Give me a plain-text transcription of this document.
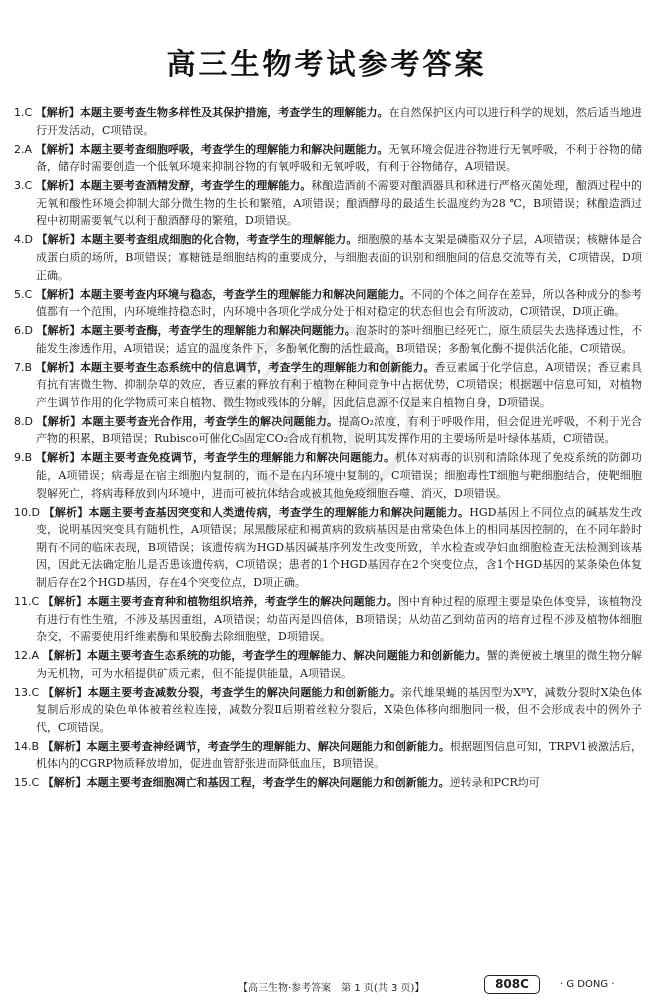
高三生物考试参考答案

1.C 【解析】本题主要考查生物多样性及其保护措施，考查学生的理解能力。在自然保护区内可以进行科学的规划，然后适当地进行开发活动，C项错误。

2.A 【解析】本题主要考查细胞呼吸，考查学生的理解能力和解决问题能力。无氧环境会促进谷物进行无氧呼吸，不利于谷物的储备，储存时需要创造一个低氧环境来抑制谷物的有氧呼吸和无氧呼吸，有利于谷物储存，A项错误。

3.C 【解析】本题主要考查酒精发酵，考查学生的理解能力。秫酿造酒前不需要对酿酒器具和秫进行严格灭菌处理，酿酒过程中的无氧和酸性环境会抑制大部分微生物的生长和繁殖，A项错误；酿酒酵母的最适生长温度约为28 ℃，B项错误；秫酿造酒过程中初期需要氧气以利于酿酒酵母的繁殖，D项错误。

4.D 【解析】本题主要考查组成细胞的化合物，考查学生的理解能力。细胞膜的基本支架是磷脂双分子层，A项错误；核糖体是合成蛋白质的场所，B项错误；寡糖链是细胞结构的重要成分，与细胞表面的识别和细胞间的信息交流等有关，C项错误，D项正确。

5.C 【解析】本题主要考查内环境与稳态，考查学生的理解能力和解决问题能力。不同的个体之间存在差异，所以各种成分的参考值都有一个范围，内环境维持稳态时，内环境中各项化学成分处于相对稳定的状态但也会有所波动，C项错误，D项正确。

6.D 【解析】本题主要考查酶，考查学生的理解能力和解决问题能力。泡茶时的茶叶细胞已经死亡，原生质层失去选择透过性，不能发生渗透作用，A项错误；适宜的温度条件下，多酚氧化酶的活性最高，B项错误；多酚氧化酶不提供活化能，C项错误。

7.B 【解析】本题主要考查生态系统中的信息调节，考查学生的理解能力和创新能力。香豆素属于化学信息，A项错误；香豆素具有抗有害微生物、抑制杂草的效应，香豆素的释放有利于植物在种间竞争中占据优势，C项错误；根据题中信息可知，对植物产生调节作用的化学物质可来自植物、微生物或残体的分解，因此信息源不仅是来自植物自身，D项错误。

8.D 【解析】本题主要考查光合作用，考查学生的解决问题能力。提高O₂浓度，有利于呼吸作用，但会促进光呼吸，不利于光合产物的积累，B项错误；Rubisco可催化C₅固定CO₂合成有机物，说明其发挥作用的主要场所是叶绿体基质，C项错误。

9.B 【解析】本题主要考查免疫调节，考查学生的理解能力和解决问题能力。机体对病毒的识别和清除体现了免疫系统的防御功能，A项错误；病毒是在宿主细胞内复制的，而不是在内环境中复制的，C项错误；细胞毒性T细胞与靶细胞结合，使靶细胞裂解死亡，将病毒释放到内环境中，进而可被抗体结合或被其他免疫细胞吞噬、消灭，D项错误。

10.D 【解析】本题主要考查基因突变和人类遗传病，考查学生的理解能力和解决问题能力。HGD基因上不同位点的碱基发生改变，说明基因突变具有随机性，A项错误；尿黑酸尿症和褐黄病的致病基因是由常染色体上的相同基因控制的，在不同年龄时期有不同的临床表现，B项错误；该遗传病为HGD基因碱基序列发生改变所致，羊水检查或孕妇血细胞检查无法检测到该基因，因此无法确定胎儿是否患该遗传病，C项错误；患者的1个HGD基因存在2个突变位点，含1个HGD基因的某条染色体复制后存在2个HGD基因，存在4个突变位点，D项正确。

11.C 【解析】本题主要考查育种和植物组织培养，考查学生的解决问题能力。图中育种过程的原理主要是染色体变异，该植物没有进行有性生殖，不涉及基因重组，A项错误；幼苗丙是四倍体，B项错误；从幼苗乙到幼苗丙的培育过程不涉及植物体细胞杂交，不需要使用纤维素酶和果胶酶去除细胞壁，D项错误。

12.A 【解析】本题主要考查生态系统的功能，考查学生的理解能力、解决问题能力和创新能力。蟹的粪便被土壤里的微生物分解为无机物，可为水稻提供矿质元素，但不能提供能量，A项错误。

13.C 【解析】本题主要考查减数分裂，考查学生的解决问题能力和创新能力。亲代雄果蝇的基因型为XᴮY，减数分裂时X染色体复制后形成的染色单体被着丝粒连接，减数分裂Ⅱ后期着丝粒分裂后，X染色体移向细胞同一极，但不会形成表中的例外子代，C项错误。

14.B 【解析】本题主要考查神经调节，考查学生的理解能力、解决问题能力和创新能力。根据题图信息可知，TRPV1被激活后，机体内的CGRP物质释放增加，促进血管舒张进而降低血压，B项错误。

15.C 【解析】本题主要考查细胞凋亡和基因工程，考查学生的解决问题能力和创新能力。逆转录和PCR均可

【高三生物·参考答案　第 1 页(共 3 页)】	808C	· G DONG ·
